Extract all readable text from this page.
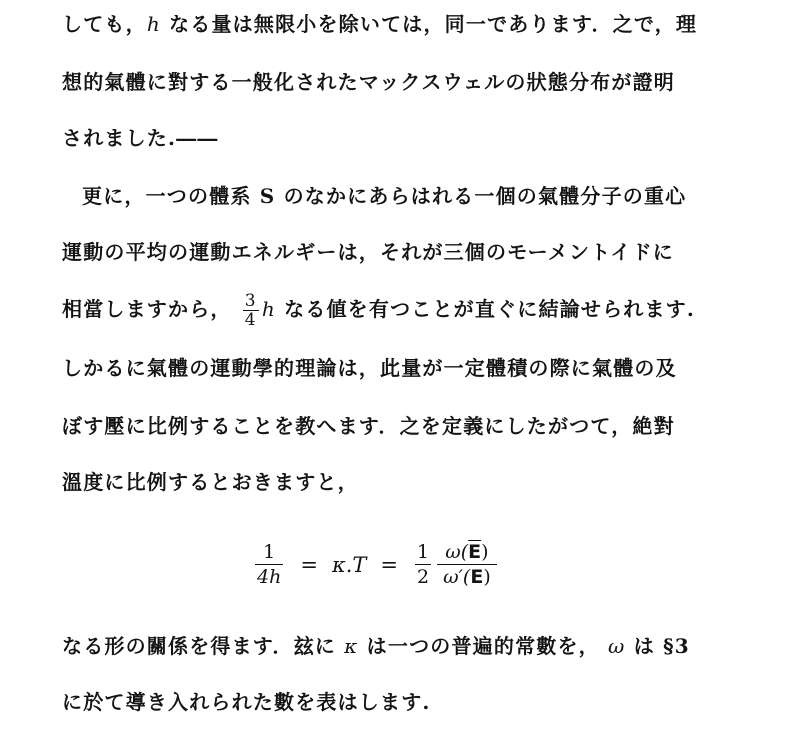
しても，h なる量は無限小を除いては，同一であります．之で，理
想的氣體に對する一般化されたマックスウェルの狀態分布が證明
されました.――
更に，一つの體系 S のなかにあらはれる一個の氣體分子の重心
運動の平均の運動エネルギーは，それが三個のモーメントイドに
相當しますから， $\frac{3}{4}$ h なる値を有つことが直ぐに結論せられます.
しかるに氣體の運動學的理論は，此量が一定體積の際に氣體の及
ぼす壓に比例することを教へます．之を定義にしたがつて，絶對
溫度に比例するとおきますと，
$\frac{1}{4h} = \kappa.T = \frac{1}{2} \frac{\omega(\overline{E})}{\omega'(E)}$
なる形の關係を得ます．玆に κ は一つの普遍的常數を， ω は §3
に於て導き入れられた數を表はします.
